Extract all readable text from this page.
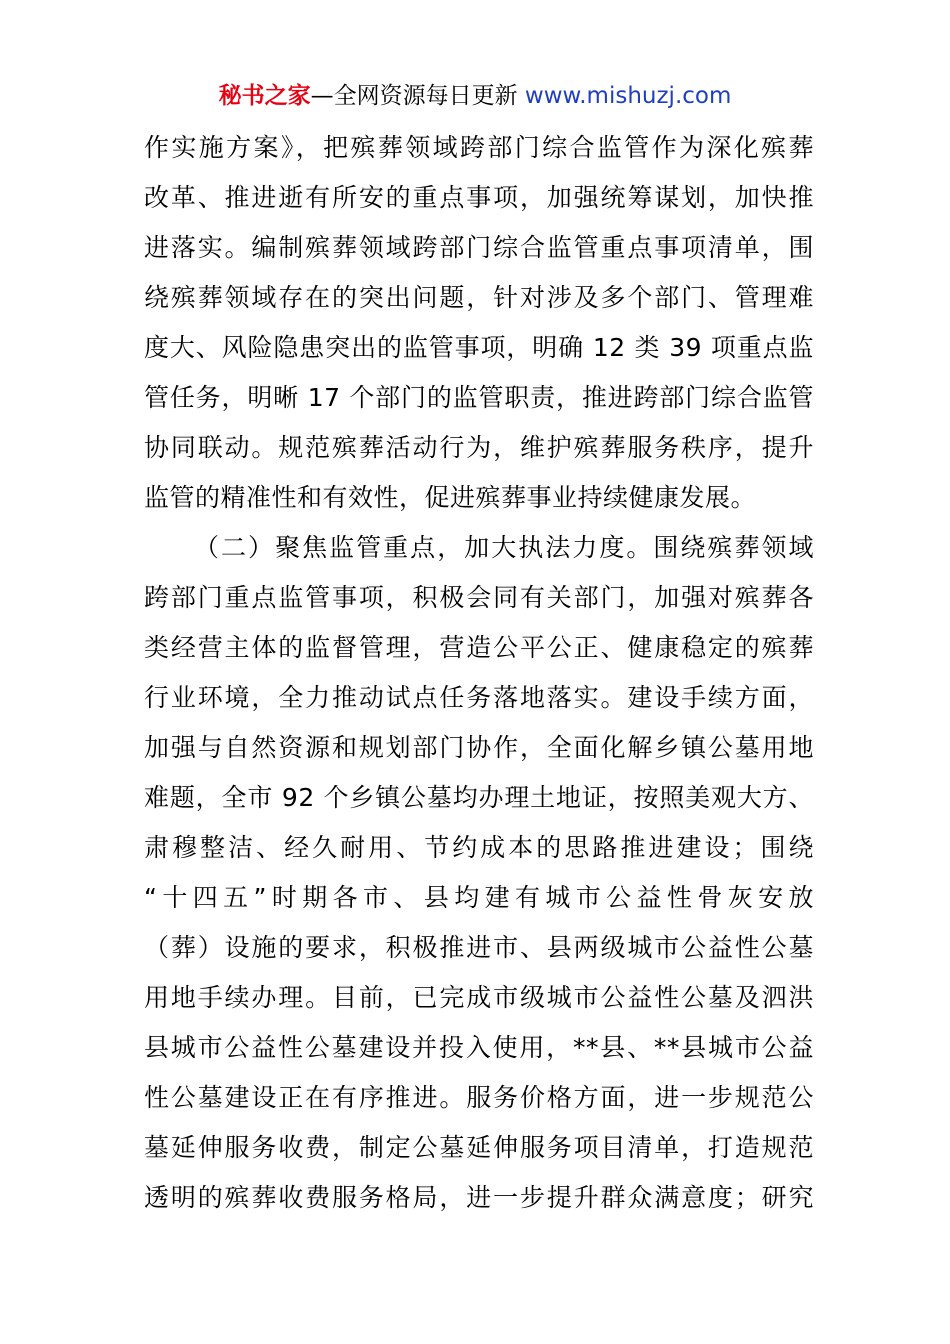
秘书之家—全网资源每日更新 www.mishuzj.com
作实施方案》，把殡葬领域跨部门综合监管作为深化殡葬
改革、推进逝有所安的重点事项，加强统筹谋划，加快推
进落实。编制殡葬领域跨部门综合监管重点事项清单，围
绕殡葬领域存在的突出问题，针对涉及多个部门、管理难
度大、风险隐患突出的监管事项，明确 12 类 39 项重点监
管任务，明晰 17 个部门的监管职责，推进跨部门综合监管
协同联动。规范殡葬活动行为，维护殡葬服务秩序，提升
监管的精准性和有效性，促进殡葬事业持续健康发展。
（二）聚焦监管重点，加大执法力度。围绕殡葬领域
跨部门重点监管事项，积极会同有关部门，加强对殡葬各
类经营主体的监督管理，营造公平公正、健康稳定的殡葬
行业环境，全力推动试点任务落地落实。建设手续方面，
加强与自然资源和规划部门协作，全面化解乡镇公墓用地
难题，全市 92 个乡镇公墓均办理土地证，按照美观大方、
肃穆整洁、经久耐用、节约成本的思路推进建设；围绕
“十四五”时期各市、县均建有城市公益性骨灰安放
（葬）设施的要求，积极推进市、县两级城市公益性公墓
用地手续办理。目前，已完成市级城市公益性公墓及泗洪
县城市公益性公墓建设并投入使用，**县、**县城市公益
性公墓建设正在有序推进。服务价格方面，进一步规范公
墓延伸服务收费，制定公墓延伸服务项目清单，打造规范
透明的殡葬收费服务格局，进一步提升群众满意度；研究
